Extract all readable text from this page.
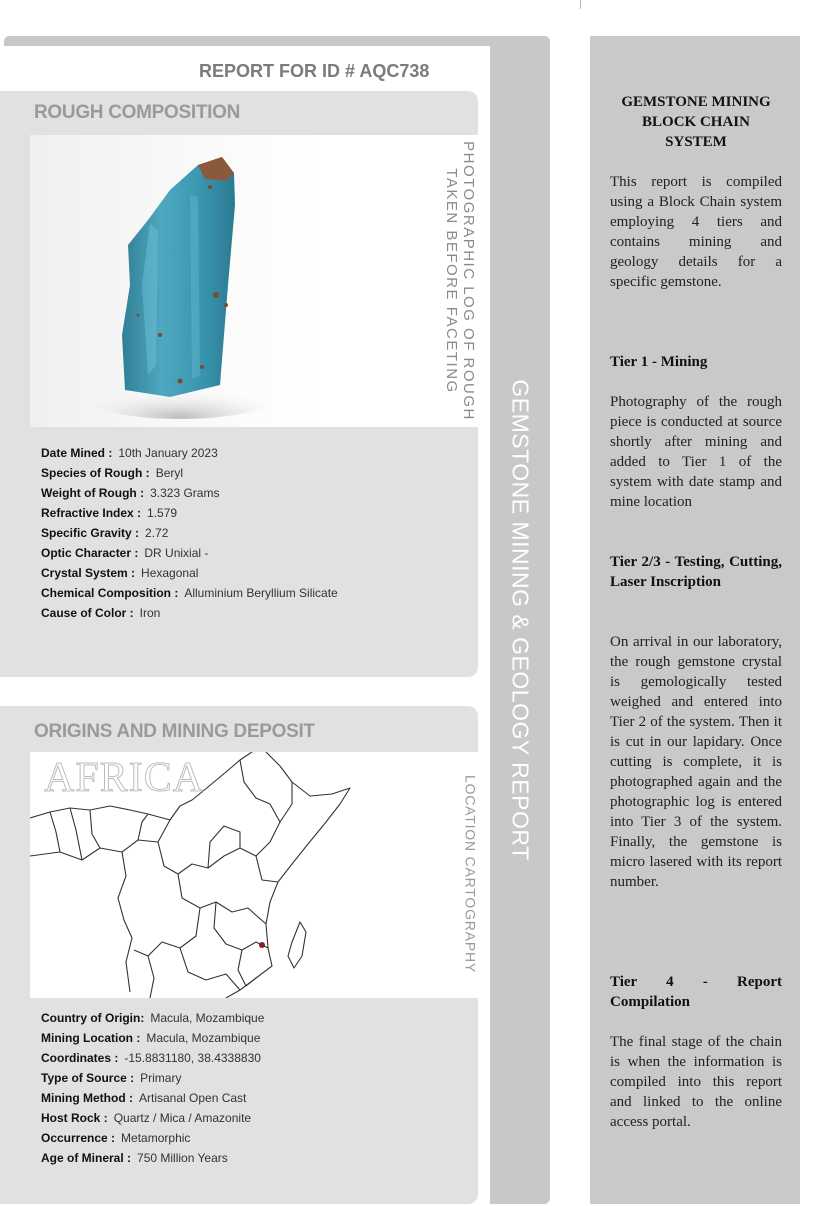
GEMSTONE MINING & GEOLOGY REPORT
REPORT FOR ID # AQC738
ROUGH COMPOSITION
PHOTOGRAPHIC LOG OF ROUGH
TAKEN BEFORE FACETING
Date Mined : 10th January 2023
Species of Rough : Beryl
Weight of Rough : 3.323 Grams
Refractive Index : 1.579
Specific Gravity : 2.72
Optic Character : DR Unixial -
Crystal System : Hexagonal
Chemical Composition : Alluminium Beryllium Silicate
Cause of Color : Iron
ORIGINS AND MINING DEPOSIT
AFRICA	LOCATION CARTOGRAPHY
Country of Origin: Macula, Mozambique
Mining Location : Macula, Mozambique
Coordinates : -15.8831180, 38.4338830
Type of Source : Primary
Mining Method : Artisanal Open Cast
Host Rock : Quartz / Mica / Amazonite
Occurrence : Metamorphic
Age of Mineral : 750 Million Years
GEMSTONE MINING BLOCK CHAIN SYSTEM
This report is compiled using a Block Chain system employing 4 tiers and contains mining and geology details for a specific gemstone.
Tier 1 - Mining
Photography of the rough piece is conducted at source shortly after mining and added to Tier 1 of the system with date stamp and mine location
Tier 2/3 - Testing, Cutting, Laser Inscription
On arrival in our laboratory, the rough gemstone crystal is gemologically tested weighed and entered into Tier 2 of the system. Then it is cut in our lapidary. Once cutting is complete, it is photographed again and the photographic log is entered into Tier 3 of the system. Finally, the gemstone is micro lasered with its report number.
Tier 4 - Report Compilation
The final stage of the chain is when the information is compiled into this report and linked to the online access portal.
